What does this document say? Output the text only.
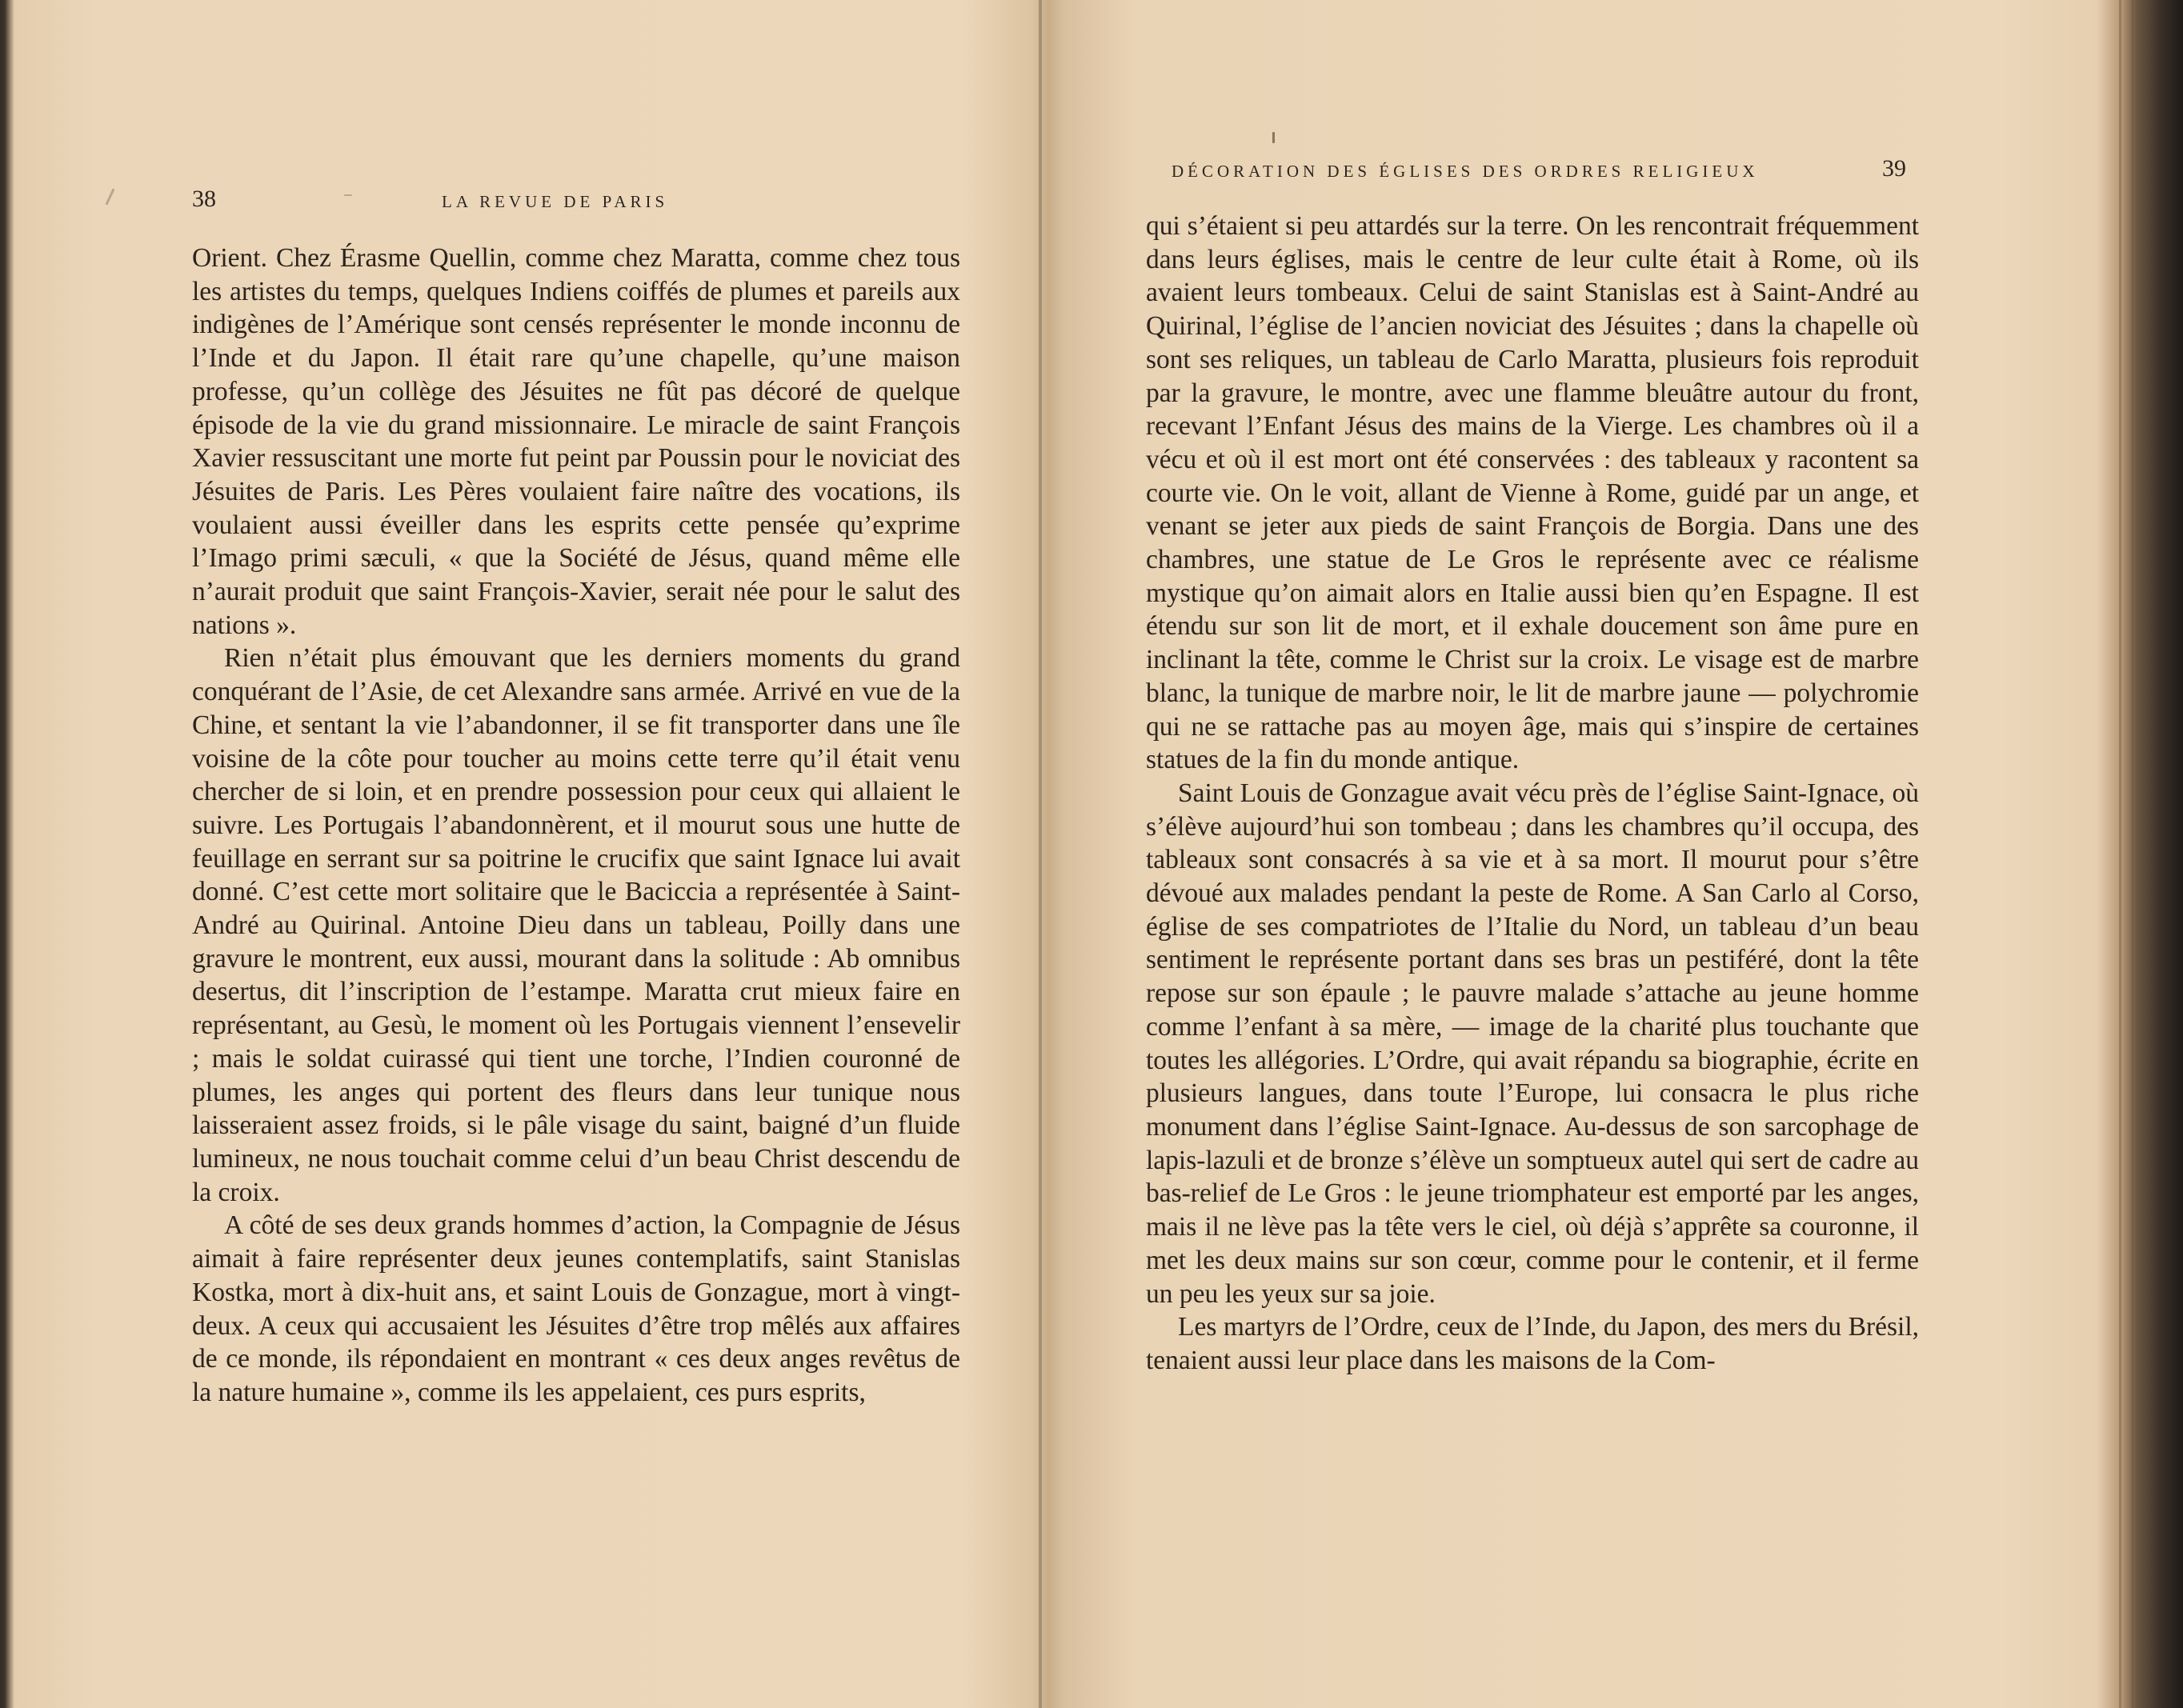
38	LA REVUE DE PARIS

Orient. Chez Érasme Quellin, comme chez Maratta, comme chez tous les artistes du temps, quelques Indiens coiffés de plumes et pareils aux indigènes de l’Amérique sont censés représenter le monde inconnu de l’Inde et du Japon. Il était rare qu’une chapelle, qu’une maison professe, qu’un collège des Jésuites ne fût pas décoré de quelque épisode de la vie du grand missionnaire. Le miracle de saint François Xavier ressuscitant une morte fut peint par Poussin pour le noviciat des Jésuites de Paris. Les Pères voulaient faire naître des vocations, ils voulaient aussi éveiller dans les esprits cette pensée qu’exprime l’Imago primi sæculi, « que la Société de Jésus, quand même elle n’aurait produit que saint François-Xavier, serait née pour le salut des nations ».

Rien n’était plus émouvant que les derniers moments du grand conquérant de l’Asie, de cet Alexandre sans armée. Arrivé en vue de la Chine, et sentant la vie l’abandonner, il se fit transporter dans une île voisine de la côte pour toucher au moins cette terre qu’il était venu chercher de si loin, et en prendre possession pour ceux qui allaient le suivre. Les Portugais l’abandonnèrent, et il mourut sous une hutte de feuillage en serrant sur sa poitrine le crucifix que saint Ignace lui avait donné. C’est cette mort solitaire que le Baciccia a représentée à Saint-André au Quirinal. Antoine Dieu dans un tableau, Poilly dans une gravure le montrent, eux aussi, mourant dans la solitude : Ab omnibus desertus, dit l’inscription de l’estampe. Maratta crut mieux faire en représentant, au Gesù, le moment où les Portugais viennent l’ensevelir ; mais le soldat cuirassé qui tient une torche, l’Indien couronné de plumes, les anges qui portent des fleurs dans leur tunique nous laisseraient assez froids, si le pâle visage du saint, baigné d’un fluide lumineux, ne nous touchait comme celui d’un beau Christ descendu de la croix.

A côté de ses deux grands hommes d’action, la Compagnie de Jésus aimait à faire représenter deux jeunes contemplatifs, saint Stanislas Kostka, mort à dix-huit ans, et saint Louis de Gonzague, mort à vingt-deux. A ceux qui accusaient les Jésuites d’être trop mêlés aux affaires de ce monde, ils répondaient en montrant « ces deux anges revêtus de la nature humaine », comme ils les appelaient, ces purs esprits,

DÉCORATION DES ÉGLISES DES ORDRES RELIGIEUX	39

qui s’étaient si peu attardés sur la terre. On les rencontrait fréquemment dans leurs églises, mais le centre de leur culte était à Rome, où ils avaient leurs tombeaux. Celui de saint Stanislas est à Saint-André au Quirinal, l’église de l’ancien noviciat des Jésuites ; dans la chapelle où sont ses reliques, un tableau de Carlo Maratta, plusieurs fois reproduit par la gravure, le montre, avec une flamme bleuâtre autour du front, recevant l’Enfant Jésus des mains de la Vierge. Les chambres où il a vécu et où il est mort ont été conservées : des tableaux y racontent sa courte vie. On le voit, allant de Vienne à Rome, guidé par un ange, et venant se jeter aux pieds de saint François de Borgia. Dans une des chambres, une statue de Le Gros le représente avec ce réalisme mystique qu’on aimait alors en Italie aussi bien qu’en Espagne. Il est étendu sur son lit de mort, et il exhale doucement son âme pure en inclinant la tête, comme le Christ sur la croix. Le visage est de marbre blanc, la tunique de marbre noir, le lit de marbre jaune — polychromie qui ne se rattache pas au moyen âge, mais qui s’inspire de certaines statues de la fin du monde antique.

Saint Louis de Gonzague avait vécu près de l’église Saint-Ignace, où s’élève aujourd’hui son tombeau ; dans les chambres qu’il occupa, des tableaux sont consacrés à sa vie et à sa mort. Il mourut pour s’être dévoué aux malades pendant la peste de Rome. A San Carlo al Corso, église de ses compatriotes de l’Italie du Nord, un tableau d’un beau sentiment le représente portant dans ses bras un pestiféré, dont la tête repose sur son épaule ; le pauvre malade s’attache au jeune homme comme l’enfant à sa mère, — image de la charité plus touchante que toutes les allégories. L’Ordre, qui avait répandu sa biographie, écrite en plusieurs langues, dans toute l’Europe, lui consacra le plus riche monument dans l’église Saint-Ignace. Au-dessus de son sarcophage de lapis-lazuli et de bronze s’élève un somptueux autel qui sert de cadre au bas-relief de Le Gros : le jeune triomphateur est emporté par les anges, mais il ne lève pas la tête vers le ciel, où déjà s’apprête sa couronne, il met les deux mains sur son cœur, comme pour le contenir, et il ferme un peu les yeux sur sa joie.

Les martyrs de l’Ordre, ceux de l’Inde, du Japon, des mers du Brésil, tenaient aussi leur place dans les maisons de la Com-
